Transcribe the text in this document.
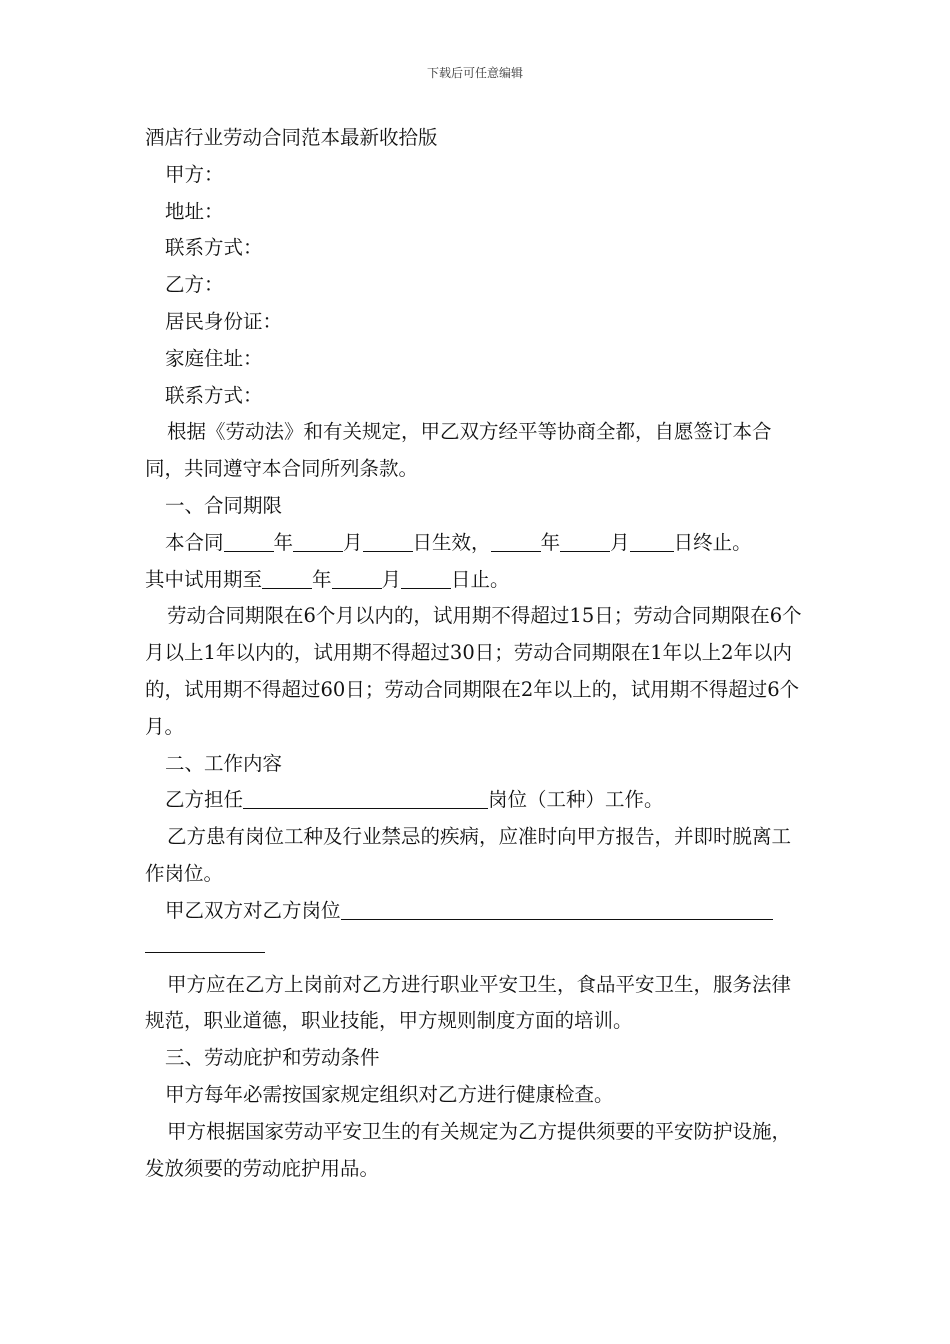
下载后可任意编辑

酒店行业劳动合同范本最新收拾版

甲方：

地址：

联系方式：

乙方：

居民身份证：

家庭住址：

联系方式：

根据《劳动法》和有关规定，甲乙双方经平等协商全都，自愿签订本合同，共同遵守本合同所列条款。

一、合同期限

本合同	年	月	日生效，	年	月 日终止。

其中试用期至	年	月	日止。

劳动合同期限在6个月以内的，试用期不得超过15日；劳动合同期限在6个月以上1年以内的，试用期不得超过30日；劳动合同期限在1年以上2年以内的，试用期不得超过60日；劳动合同期限在2年以上的，试用期不得超过6个月。

二、工作内容

乙方担任	岗位（工种）工作。

乙方患有岗位工种及行业禁忌的疾病，应准时向甲方报告，并即时脱离工作岗位。

甲乙双方对乙方岗位

甲方应在乙方上岗前对乙方进行职业平安卫生，食品平安卫生，服务法律规范，职业道德，职业技能，甲方规则制度方面的培训。

三、劳动庇护和劳动条件

甲方每年必需按国家规定组织对乙方进行健康检查。

甲方根据国家劳动平安卫生的有关规定为乙方提供须要的平安防护设施，发放须要的劳动庇护用品。
